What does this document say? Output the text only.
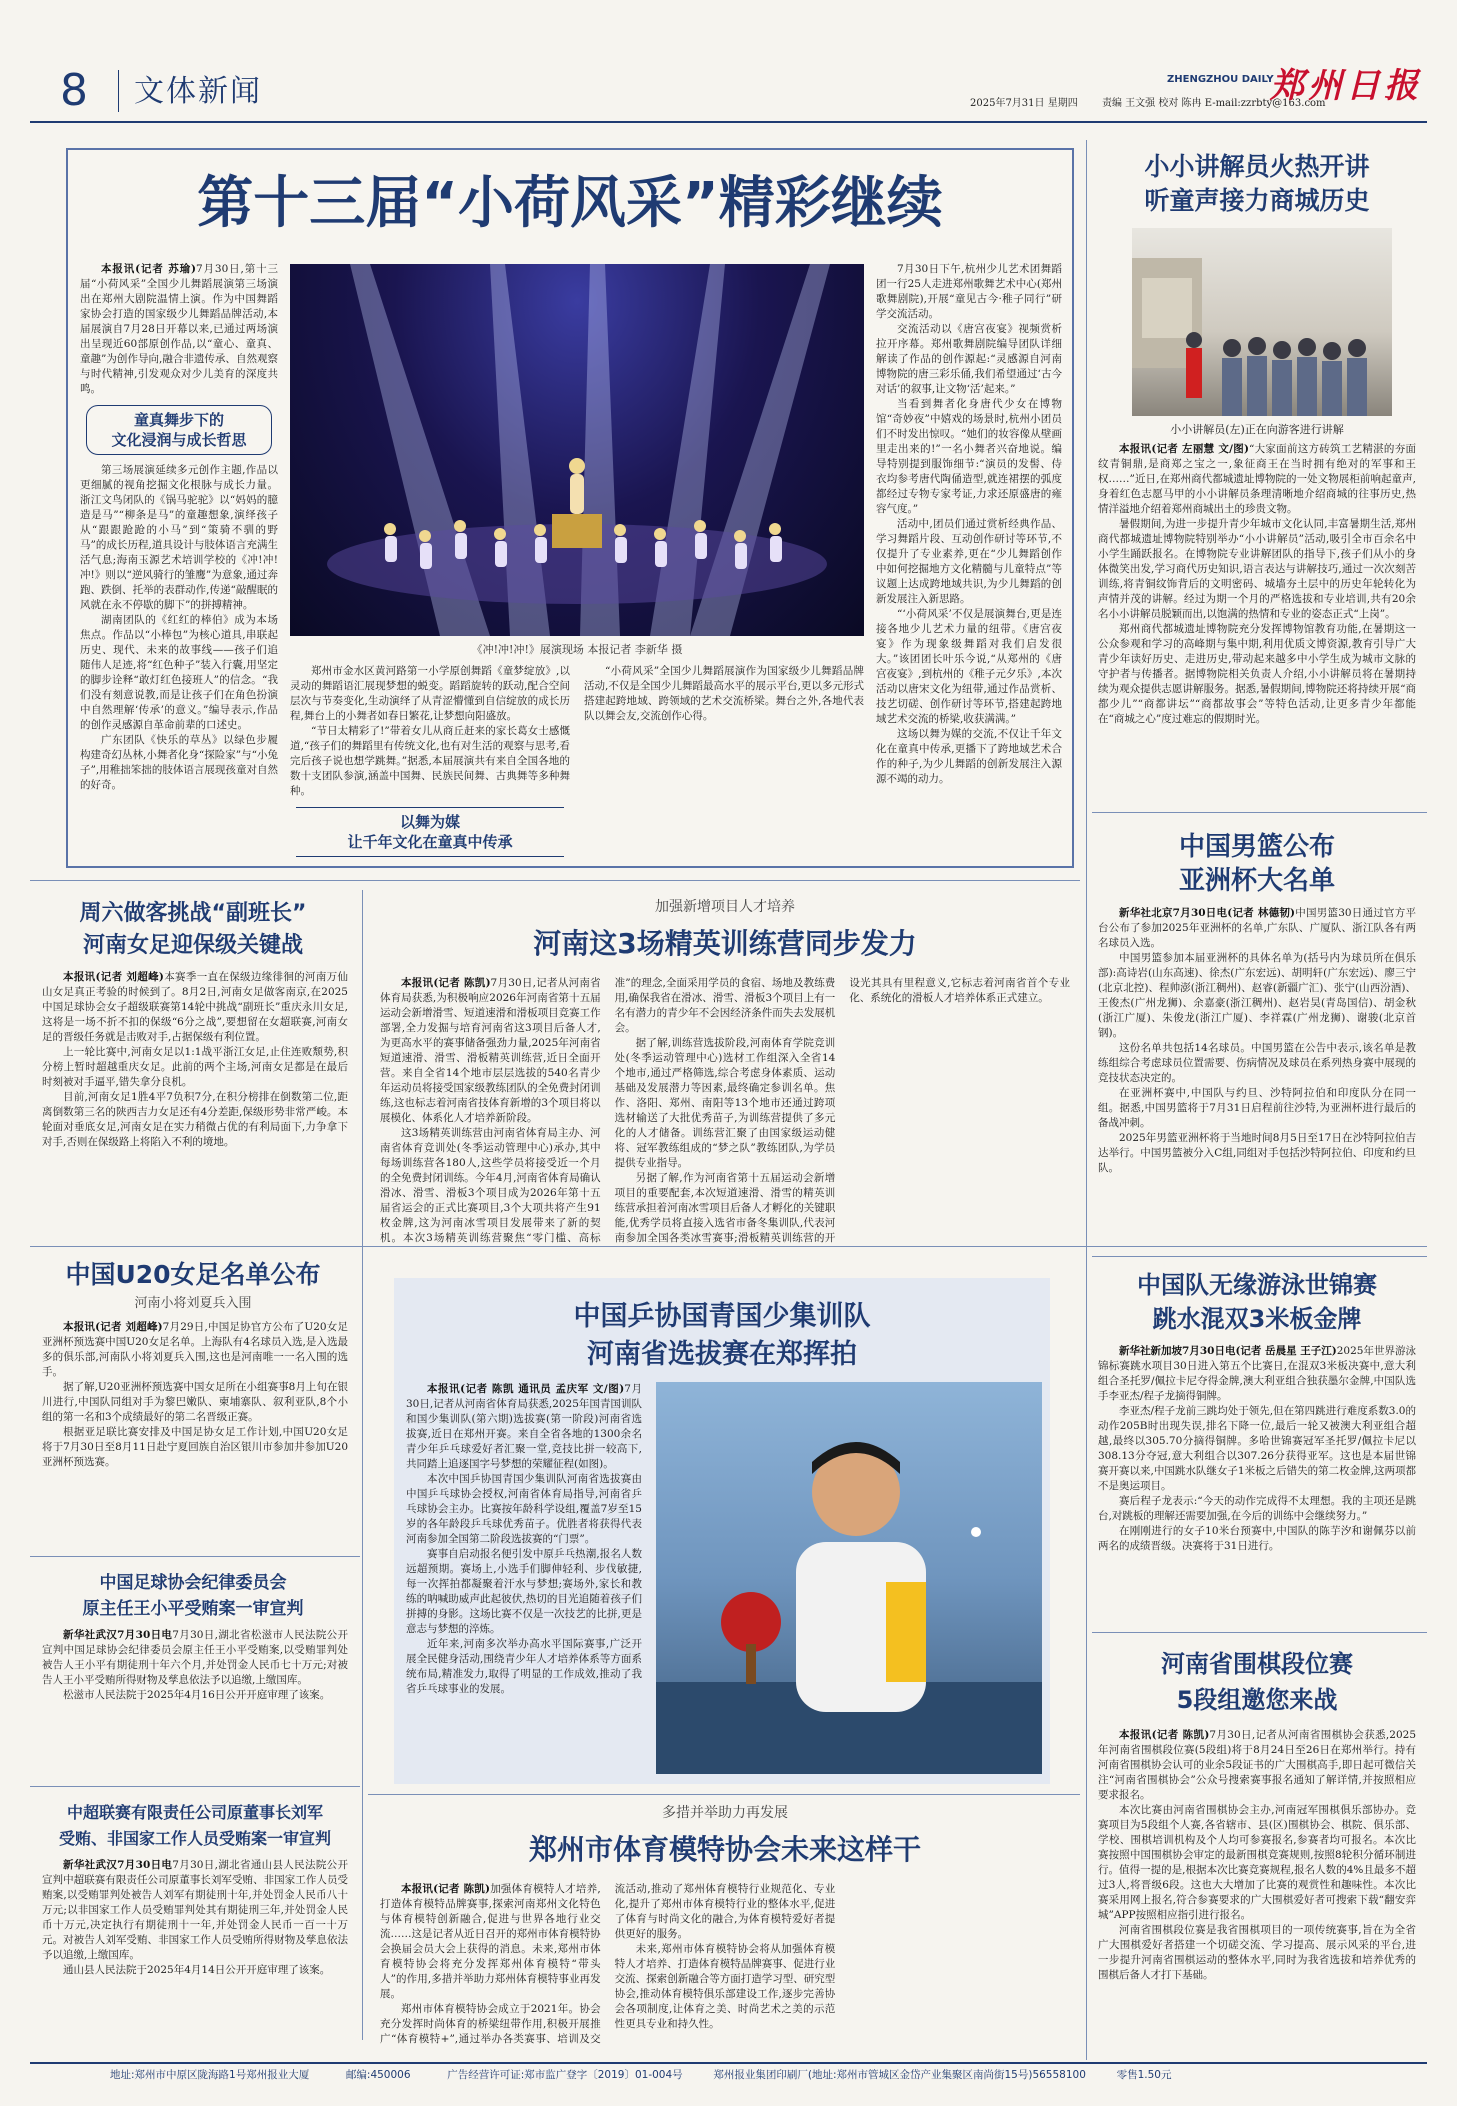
8 文体新闻	ZHENGZHOU DAILY
2025年7月31日 星期四 责编 王文强 校对 陈冉 E-mail:zzrbty@163.com
郑州日报
第十三届“小荷风采”精彩继续

本报讯(记者 苏瑜)7月30日,第十三届“小荷风采”全国少儿舞蹈展演第三场演出在郑州大剧院温情上演。作为中国舞蹈家协会打造的国家级少儿舞蹈品牌活动,本届展演自7月28日开幕以来,已通过两场演出呈现近60部原创作品,以“童心、童真、童趣”为创作导向,融合非遗传承、自然观察与时代精神,引发观众对少儿美育的深度共鸣。

童真舞步下的
文化浸润与成长哲思

第三场展演延续多元创作主题,作品以更细腻的视角挖掘文化根脉与成长力量。浙江文鸟闭队的《锅马驼驼》以“妈妈的臆造是马”“柳条是马”的童趣想象,演绎孩子从“跟跟跄跄的小马”到“策骑不驯的野马”的成长历程,道具设计与肢体语言充满生活气息;海南玉源艺术培训学校的《冲!冲!冲!》则以“逆风骑行的雏鹰”为意象,通过奔跑、跌倒、托举的表群动作,传递“敲醒眠的风就在永不停歇的脚下”的拼搏精神。

湖南团队的《红红的棒伯》成为本场焦点。作品以“小棒包”为核心道具,串联起历史、现代、未来的故事线——孩子们追随伟人足迹,将“红色种子”装入行囊,用坚定的脚步诠释“敢灯红色接班人”的信念。“我们没有刻意说教,而是让孩子们在角色扮演中自然理解‘传承’的意义。”编导表示,作品的创作灵感源自革命前辈的口述史。

广东团队《快乐的草丛》以绿色步履构建奇幻丛林,小舞者化身“探险家”与“小兔子”,用稚拙笨拙的肢体语言展现孩童对自然的好奇。

《冲!冲!冲!》展演现场 本报记者 李新华 摄

郑州市金水区黄河路第一小学原创舞蹈《童梦绽放》,以灵动的舞蹈语汇展现梦想的蜕变。蹈蹈旋转的跃动,配合空间层次与节奏变化,生动演绎了从青涩懵懂到自信绽放的成长历程,舞台上的小舞者如春日繁花,让梦想向阳盛放。

“节日太精彩了!”带着女儿从商丘赶来的家长葛女士感慨道,“孩子们的舞蹈里有传统文化,也有对生活的观察与思考,看完后孩子说也想学跳舞。”据悉,本届展演共有来自全国各地的数十支团队参演,涵盖中国舞、民族民间舞、古典舞等多种舞种。

以舞为媒
让千年文化在童真中传承

“小荷风采”全国少儿舞蹈展演作为国家级少儿舞蹈品牌活动,不仅是全国少儿舞蹈最高水平的展示平台,更以多元形式搭建起跨地域、跨领域的艺术交流桥梁。舞台之外,各地代表队以舞会友,交流创作心得。

7月30日下午,杭州少儿艺术团舞蹈团一行25人走进郑州歌舞艺术中心(郑州歌舞剧院),开展“童见古今·稚子同行”研学交流活动。

交流活动以《唐宫夜宴》视频赏析拉开序幕。郑州歌舞剧院编导团队详细解读了作品的创作源起:“灵感源自河南博物院的唐三彩乐俑,我们希望通过‘古今对话’的叙事,让文物‘活’起来。”

当看到舞者化身唐代少女在博物馆“奇妙夜”中嬉戏的场景时,杭州小团员们不时发出惊叹。“她们的妆容像从壁画里走出来的!”一名小舞者兴奋地说。编导特别提到服饰细节:“演员的发髻、侍衣均参考唐代陶俑造型,就连裙摆的弧度都经过专物专家考证,力求还原盛唐的雍容气度。”

活动中,团员们通过赏析经典作品、学习舞蹈片段、互动创作研讨等环节,不仅提升了专业素养,更在“少儿舞蹈创作中如何挖掘地方文化精髓与儿童特点”等议题上达成跨地域共识,为少儿舞蹈的创新发展注入新思路。

“‘小荷风采’不仅是展演舞台,更是连接各地少儿艺术力量的纽带。《唐宫夜宴》作为现象级舞蹈对我们启发很大。”该团团长叶乐今说,“从郑州的《唐宫夜宴》,到杭州的《稚子元夕乐》,本次活动以唐宋文化为纽带,通过作品赏析、技艺切磋、创作研讨等环节,搭建起跨地域艺术交流的桥梁,收获满满。”

这场以舞为媒的交流,不仅让千年文化在童真中传承,更播下了跨地域艺术合作的种子,为少儿舞蹈的创新发展注入源源不竭的动力。

小小讲解员火热开讲
听童声接力商城历史
小小讲解员(左)正在向游客进行讲解

本报讯(记者 左丽慧 文/图)“大家面前这方砖筑工艺精湛的夯面纹青铜鼎,是商郑之宝之一,象征商王在当时拥有绝对的军事和王权……”近日,在郑州商代都城遗址博物院的一处文物展柜前响起童声,身着红色志愿马甲的小小讲解员条理清晰地介绍商城的往事历史,热情洋溢地介绍着郑州商城出土的珍贵文物。

暑假期间,为进一步提升青少年城市文化认同,丰富暑期生活,郑州商代都城遗址博物院特别举办“小小讲解员”活动,吸引全市百余名中小学生踊跃报名。在博物院专业讲解团队的指导下,孩子们从小的身体微笑出发,学习商代历史知识,语言表达与讲解技巧,通过一次次刻苦训练,将青铜纹饰背后的文明密码、城墙夯土层中的历史年轮转化为声情并茂的讲解。经过为期一个月的严格选拔和专业培训,共有20余名小小讲解员脱颖而出,以饱满的热情和专业的姿态正式“上岗”。

郑州商代都城遗址博物院充分发挥博物馆教育功能,在暑期这一公众参观和学习的高峰期与集中期,利用优质文博资源,教育引导广大青少年读好历史、走进历史,带动起来越多中小学生成为城市文脉的守护者与传播者。据博物院相关负责人介绍,小小讲解员将在暑期持续为观众提供志愿讲解服务。据悉,暑假期间,博物院还将持续开展“商都少儿”“商都讲坛”“商都故事会”等特色活动,让更多青少年都能在“商城之心”度过难忘的假期时光。

周六做客挑战“副班长”
河南女足迎保级关键战

本报讯(记者 刘超峰)本赛季一直在保级边缘徘徊的河南万仙山女足真正考验的时候到了。8月2日,河南女足做客南京,在2025中国足球协会女子超级联赛第14轮中挑战“副班长”重庆永川女足,这将是一场不折不扣的保级“6分之战”,要想留在女超联赛,河南女足的晋级任务就是击败对手,占据保级有利位置。

上一轮比赛中,河南女足以1:1战平浙江女足,止住连败颓势,积分榜上暂时超越重庆女足。此前的两个主场,河南女足都是在最后时刻被对手逼平,错失拿分良机。

目前,河南女足1胜4平7负积7分,在积分榜排在倒数第二位,距离倒数第三名的陕西吉力女足还有4分差距,保级形势非常严峻。本轮面对垂底女足,河南女足在实力稍微占优的有利局面下,力争拿下对手,否则在保级路上将陷入不利的境地。

加强新增项目人才培养
河南这3场精英训练营同步发力

本报讯(记者 陈凯)7月30日,记者从河南省体育局获悉,为积极响应2026年河南省第十五届运动会新增滑雪、短道速滑和滑板项目竞赛工作部署,全力发掘与培育河南省这3项目后备人才,为更高水平的赛事储备强劲力量,2025年河南省短道速滑、滑雪、滑板精英训练营,近日全面开营。来自全省14个地市层层选拔的540名青少年运动员将接受国家级教练团队的全免费封闭训练,这也标志着河南省技体育新增的3个项目将以展模化、体系化人才培养新阶段。

这3场精英训练营由河南省体育局主办、河南省体育竞训处(冬季运动管理中心)承办,其中每场训练营各180人,这些学员将接受近一个月的全免费封闭训练。今年4月,河南省体育局确认滑冰、滑雪、滑板3个项目成为2026年第十五届省运会的正式比赛项目,3个大项共将产生91枚金牌,这为河南冰雪项目发展带来了新的契机。本次3场精英训练营聚焦“零门槛、高标准”的理念,全面采用学员的食宿、场地及教练费用,确保我省在滑冰、滑雪、滑板3个项目上有一名有潜力的青少年不会因经济条件而失去发展机会。

据了解,训练营选拔阶段,河南体育学院竞训处(冬季运动管理中心)选材工作组深入全省14个地市,通过严格筛选,综合考虑身体素质、运动基础及发展潜力等因素,最终确定参训名单。焦作、洛阳、郑州、南阳等13个地市还通过跨项选材输送了大批优秀苗子,为训练营提供了多元化的人才储备。训练营汇聚了由国家级运动健将、冠军教练组成的“梦之队”教练团队,为学员提供专业指导。

另据了解,作为河南省第十五届运动会新增项目的重要配套,本次短道速滑、滑雪的精英训练营承担着河南冰雪项目后备人才孵化的关键职能,优秀学员将直接入选省市备冬集训队,代表河南参加全国各类冰雪赛事;滑板精英训练营的开设光其具有里程意义,它标志着河南省首个专业化、系统化的滑板人才培养体系正式建立。

中国男篮公布
亚洲杯大名单

新华社北京7月30日电(记者 林德韧)中国男篮30日通过官方平台公布了参加2025年亚洲杯的名单,广东队、广厦队、浙江队各有两名球员入选。

中国男篮参加本届亚洲杯的具体名单为(括号内为球员所在俱乐部):高诗岩(山东高速)、徐杰(广东宏远)、胡明轩(广东宏远)、廖三宁(北京北控)、程帅澎(浙江稠州)、赵睿(新疆广汇)、张宁(山西汾酒)、王俊杰(广州龙狮)、余嘉豪(浙江稠州)、赵岩昊(青岛国信)、胡金秋(浙江广厦)、朱俊龙(浙江广厦)、李祥霖(广州龙狮)、谢骏(北京首钢)。

这份名单共包括14名球员。中国男篮在公告中表示,该名单是教练组综合考虑球员位置需要、伤病情况及球员在系列热身赛中展现的竞技状态决定的。

在亚洲杯赛中,中国队与约旦、沙特阿拉伯和印度队分在同一组。据悉,中国男篮将于7月31日启程前往沙特,为亚洲杯进行最后的备战冲刺。

2025年男篮亚洲杯将于当地时间8月5日至17日在沙特阿拉伯吉达举行。中国男篮被分入C组,同组对手包括沙特阿拉伯、印度和约旦队。

中国U20女足名单公布
河南小将刘夏兵入围

本报讯(记者 刘超峰)7月29日,中国足协官方公布了U20女足亚洲杯预选赛中国U20女足名单。上海队有4名球员入选,是入选最多的俱乐部,河南队小将刘夏兵入围,这也是河南唯一一名入围的选手。

据了解,U20亚洲杯预选赛中国女足所在小组赛事8月上旬在银川进行,中国队同组对手为黎巴嫩队、柬埔寨队、叙利亚队,8个小组的第一名和3个成绩最好的第二名晋级正赛。

根据亚足联比赛安排及中国足协女足工作计划,中国U20女足将于7月30日至8月11日赴宁夏回族自治区银川市参加井参加U20亚洲杯预选赛。

中国足球协会纪律委员会
原主任王小平受贿案一审宣判

新华社武汉7月30日电7月30日,湖北省松滋市人民法院公开宣判中国足球协会纪律委员会原主任王小平受贿案,以受贿罪判处被告人王小平有期徒刑十年六个月,并处罚金人民币七十万元;对被告人王小平受贿所得财物及孳息依法予以追缴,上缴国库。

松滋市人民法院于2025年4月16日公开开庭审理了该案。

中超联赛有限责任公司原董事长刘军
受贿、非国家工作人员受贿案一审宣判

新华社武汉7月30日电7月30日,湖北省通山县人民法院公开宣判中超联赛有限责任公司原董事长刘军受贿、非国家工作人员受贿案,以受贿罪判处被告人刘军有期徒刑十年,并处罚金人民币八十万元;以非国家工作人员受贿罪判处其有期徒刑三年,并处罚金人民币十万元,决定执行有期徒刑十一年,并处罚金人民币一百一十万元。对被告人刘军受贿、非国家工作人员受贿所得财物及孳息依法予以追缴,上缴国库。

通山县人民法院于2025年4月14日公开开庭审理了该案。

中国乒协国青国少集训队
河南省选拔赛在郑挥拍

本报讯(记者 陈凯 通讯员 孟庆军 文/图)7月30日,记者从河南省体育局获悉,2025年国青国训队和国少集训队(第六期)选拔赛(第一阶段)河南省选拔赛,近日在郑州开赛。来自全省各地的1300余名青少年乒乓球爱好者汇聚一堂,竞技比拼一较高下,共同踏上追逐国字号梦想的荣耀征程(如图)。

本次中国乒协国青国少集训队河南省选拔赛由中国乒乓球协会授权,河南省体育局指导,河南省乒乓球协会主办。比赛按年龄科学设组,覆盖7岁至15岁的各年龄段乒乓球优秀苗子。优胜者将获得代表河南参加全国第二阶段选拔赛的“门票”。

赛事自启动报名便引发中原乒乓热潮,报名人数远超预期。赛场上,小选手们脚伸轻利、步伐敏捷,每一次挥拍都凝聚着汗水与梦想;赛场外,家长和教练的呐喊助威声此起彼伏,热切的目光追随着孩子们拼搏的身影。这场比赛不仅是一次技艺的比拼,更是意志与梦想的淬炼。

近年来,河南多次举办高水平国际赛事,广泛开展全民健身活动,围绕青少年人才培养体系等方面系统布局,精准发力,取得了明显的工作成效,推动了我省乒乓球事业的发展。

中国队无缘游泳世锦赛
跳水混双3米板金牌

新华社新加坡7月30日电(记者 岳晨星 王子江)2025年世界游泳锦标赛跳水项目30日进入第五个比赛日,在混双3米板决赛中,意大利组合圣托罗/佩拉卡尼夺得金牌,澳大利亚组合独获墨尔金牌,中国队选手李亚杰/程子龙摘得铜牌。

李亚杰/程子龙前三跳均处于领先,但在第四跳进行难度系数3.0的动作205B时出现失误,排名下降一位,最后一轮又被澳大利亚组合超越,最终以305.70分摘得铜牌。多哈世锦赛冠军圣托罗/佩拉卡尼以308.13分夺冠,意大利组合以307.26分获得亚军。这也是本届世锦赛开赛以来,中国跳水队继女子1米板之后错失的第二枚金牌,这两项都不是奥运项目。

赛后程子龙表示:“今天的动作完成得不太理想。我的主项还是跳台,对跳板的理解还需要加强,在今后的训练中会继续努力。”

在刚刚进行的女子10米台预赛中,中国队的陈芋汐和谢佩芬以前两名的成绩晋级。决赛将于31日进行。

河南省围棋段位赛
5段组邀您来战

本报讯(记者 陈凯)7月30日,记者从河南省围棋协会获悉,2025年河南省围棋段位赛(5段组)将于8月24日至26日在郑州举行。持有河南省围棋协会认可的业余5段证书的广大围棋高手,即日起可微信关注“河南省围棋协会”公众号搜索赛事报名通知了解详情,并按照相应要求报名。

本次比赛由河南省围棋协会主办,河南冠军围棋俱乐部协办。竞赛项目为5段组个人赛,各省辖市、县(区)围棋协会、棋院、俱乐部、学校、围棋培训机构及个人均可参赛报名,参赛者均可报名。本次比赛按照中国围棋协会审定的最新围棋竞赛规则,按照8轮积分循环制进行。值得一提的是,根据本次比赛竞赛规程,报名人数的4%且最多不超过3人,将晋级6段。这也大大增加了比赛的观赏性和趣味性。本次比赛采用网上报名,符合参赛要求的广大围棋爱好者可搜索下载“翻安弈城”APP按照相应指引进行报名。

河南省围棋段位赛是我省围棋项目的一项传统赛事,旨在为全省广大围棋爱好者搭建一个切磋交流、学习提高、展示风采的平台,进一步提升河南省围棋运动的整体水平,同时为我省选拔和培养优秀的围棋后备人才打下基础。

多措并举助力再发展
郑州市体育模特协会未来这样干

本报讯(记者 陈凯)加强体育模特人才培养,打造体育模特品牌赛事,探索河南郑州文化特色与体育模特创新融合,促进与世界各地行业交流……这是记者从近日召开的郑州市体育模特协会换届会员大会上获得的消息。未来,郑州市体育模特协会将充分发挥郑州体育模特“带头人”的作用,多措并举助力郑州体育模特事业再发展。

郑州市体育模特协会成立于2021年。协会充分发挥时尚体育的桥梁纽带作用,积极开展推广“体育模特+”,通过举办各类赛事、培训及交流活动,推动了郑州体育模特行业规范化、专业化,提升了郑州市体育模特行业的整体水平,促进了体育与时尚文化的融合,为体育模特爱好者提供更好的服务。

未来,郑州市体育模特协会将从加强体育模特人才培养、打造体育模特品牌赛事、促进行业交流、探索创新融合等方面打造学习型、研究型协会,推动体育模特俱乐部建设工作,逐步完善协会各项制度,让体育之美、时尚艺术之美的示范性更具专业和持久性。

地址:郑州市中原区陇海路1号郑州报业大厦	邮编:450006	广告经营许可证:郑市监广登字〔2019〕01-004号	郑州报业集团印刷厂(地址:郑州市管城区金岱产业集聚区南尚街15号)56558100	零售1.50元
